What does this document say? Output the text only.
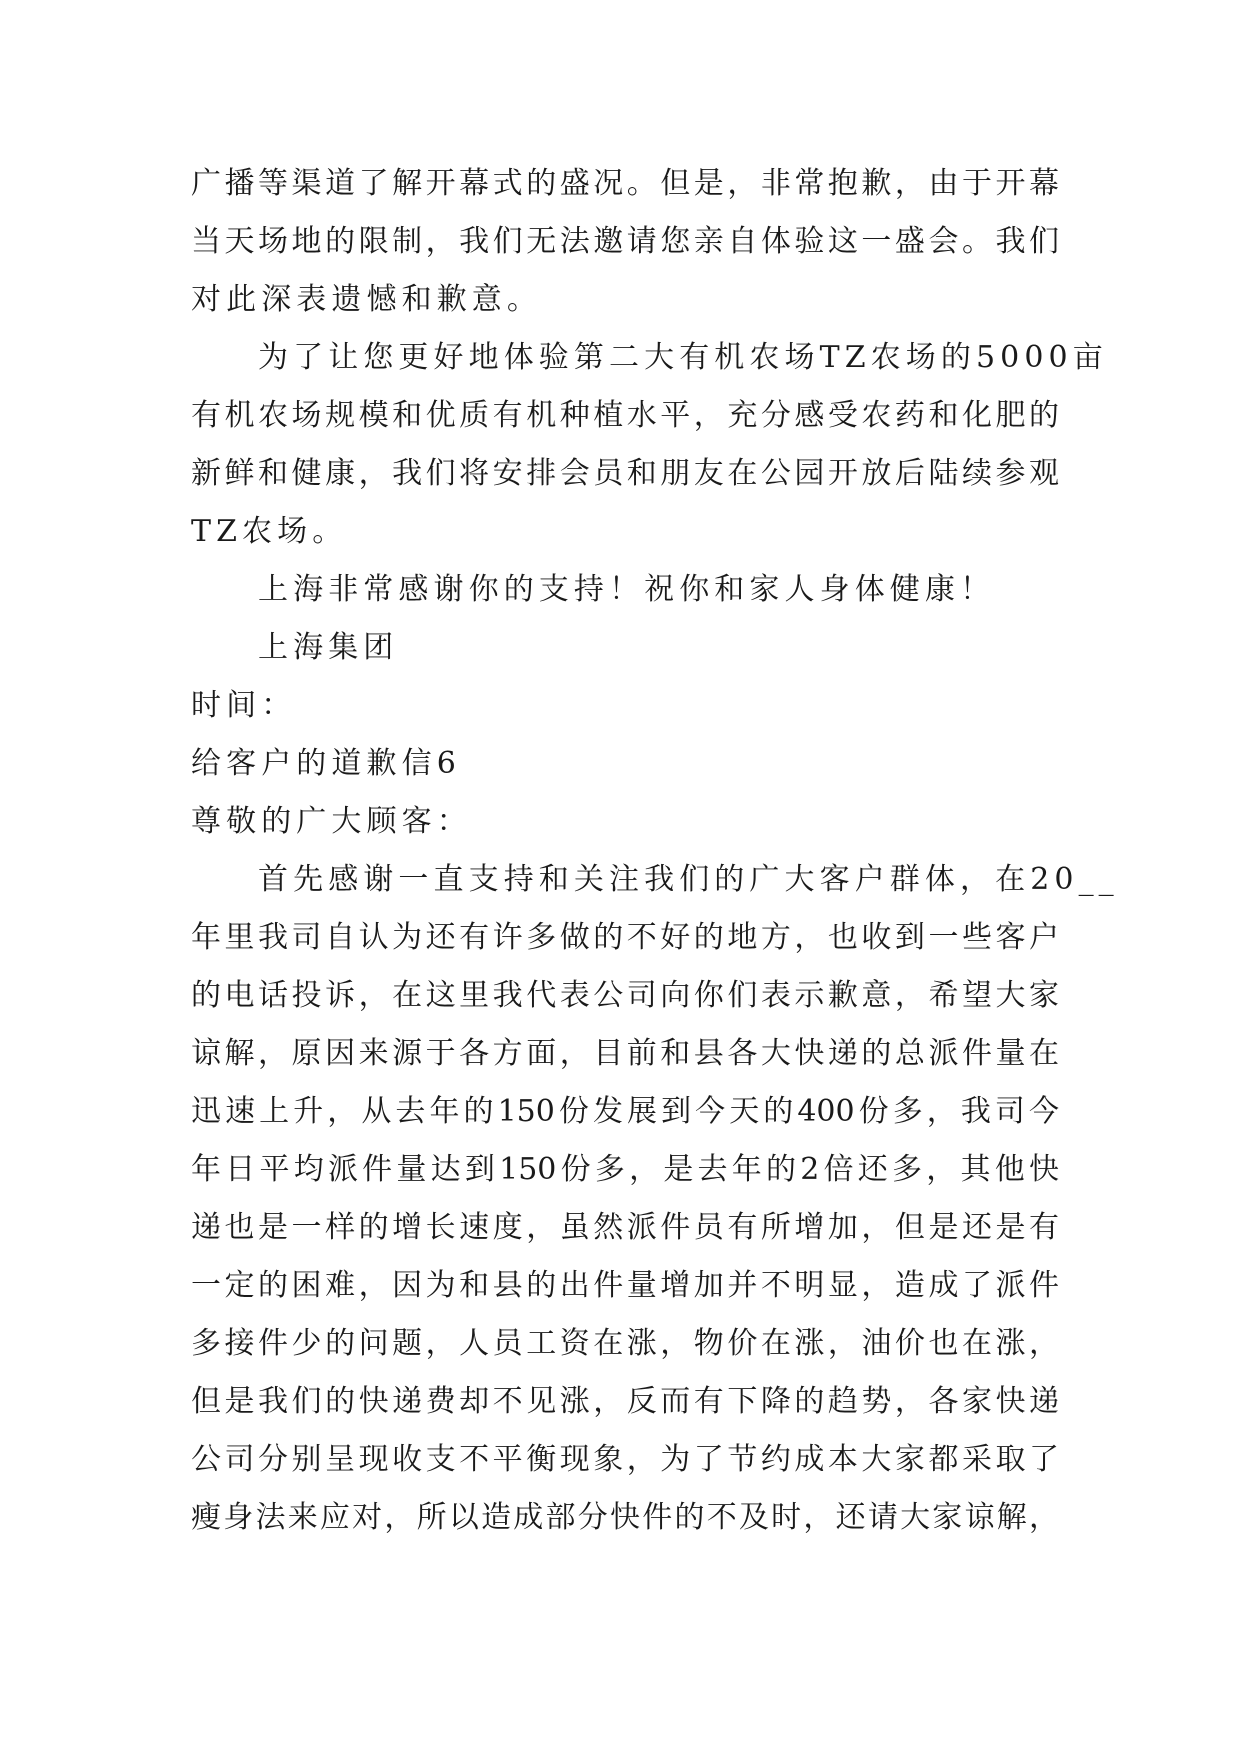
广播等渠道了解开幕式的盛况。但是，非常抱歉，由于开幕
当天场地的限制，我们无法邀请您亲自体验这一盛会。我们
对此深表遗憾和歉意。
为了让您更好地体验第二大有机农场TZ农场的5000亩
有机农场规模和优质有机种植水平，充分感受农药和化肥的
新鲜和健康，我们将安排会员和朋友在公园开放后陆续参观
TZ农场。
上海非常感谢你的支持！祝你和家人身体健康！
上海集团
时间：
给客户的道歉信6
尊敬的广大顾客：
首先感谢一直支持和关注我们的广大客户群体，在20__
年里我司自认为还有许多做的不好的地方，也收到一些客户
的电话投诉，在这里我代表公司向你们表示歉意，希望大家
谅解，原因来源于各方面，目前和县各大快递的总派件量在
迅速上升，从去年的150份发展到今天的400份多，我司今
年日平均派件量达到150份多，是去年的2倍还多，其他快
递也是一样的增长速度，虽然派件员有所增加，但是还是有
一定的困难，因为和县的出件量增加并不明显，造成了派件
多接件少的问题，人员工资在涨，物价在涨，油价也在涨，
但是我们的快递费却不见涨，反而有下降的趋势，各家快递
公司分别呈现收支不平衡现象，为了节约成本大家都采取了
瘦身法来应对，所以造成部分快件的不及时，还请大家谅解，
